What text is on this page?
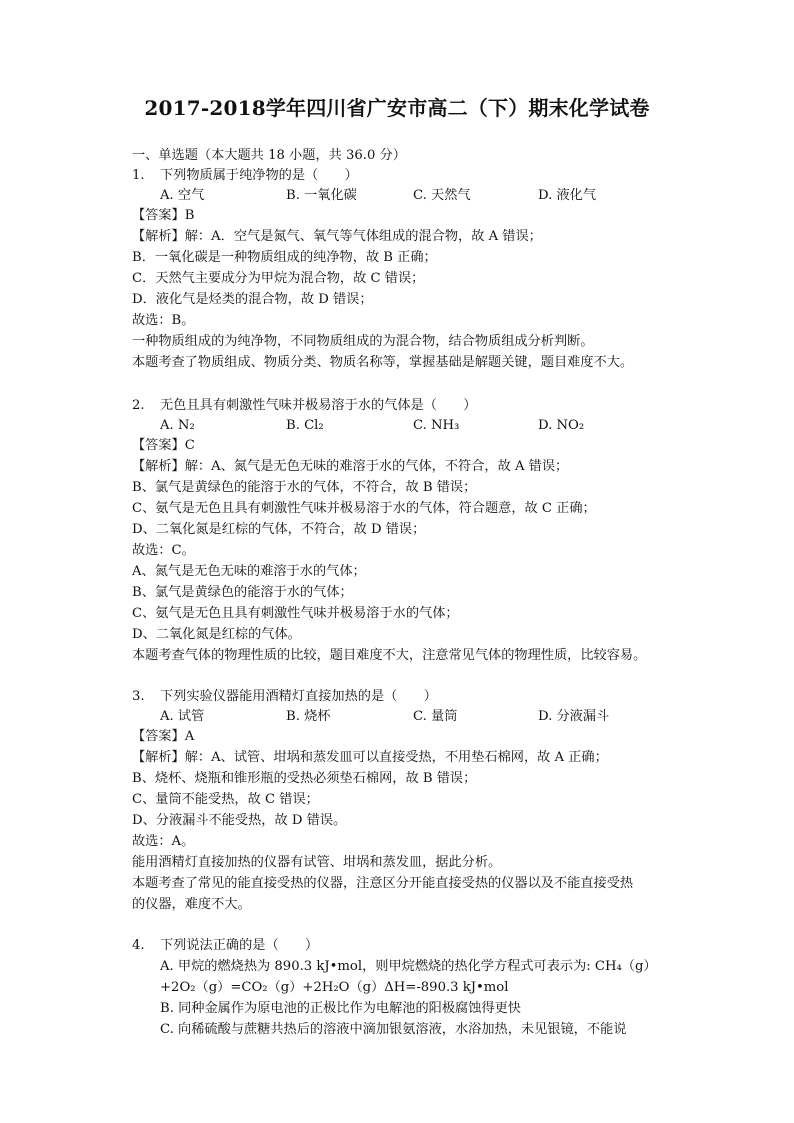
2017-2018学年四川省广安市高二（下）期末化学试卷
一、单选题（本大题共 18 小题，共 36.0 分）
1. 下列物质属于纯净物的是（　　）
A. 空气	B. 一氧化碳	C. 天然气	D. 液化气
【答案】B
【解析】解：A．空气是氮气、氧气等气体组成的混合物，故 A 错误；
B．一氧化碳是一种物质组成的纯净物，故 B 正确；
C．天然气主要成分为甲烷为混合物，故 C 错误；
D．液化气是烃类的混合物，故 D 错误；
故选：B。
一种物质组成的为纯净物，不同物质组成的为混合物，结合物质组成分析判断。
本题考查了物质组成、物质分类、物质名称等，掌握基础是解题关键，题目难度不大。
2. 无色且具有刺激性气味并极易溶于水的气体是（　　）
A. N₂	B. Cl₂	C. NH₃	D. NO₂
【答案】C
【解析】解：A、氮气是无色无味的难溶于水的气体，不符合，故 A 错误；
B、氯气是黄绿色的能溶于水的气体，不符合，故 B 错误；
C、氨气是无色且具有刺激性气味并极易溶于水的气体，符合题意，故 C 正确；
D、二氧化氮是红棕的气体，不符合，故 D 错误；
故选：C。
A、氮气是无色无味的难溶于水的气体；
B、氯气是黄绿色的能溶于水的气体；
C、氨气是无色且具有刺激性气味并极易溶于水的气体；
D、二氧化氮是红棕的气体。
本题考查气体的物理性质的比较，题目难度不大，注意常见气体的物理性质，比较容易。
3. 下列实验仪器能用酒精灯直接加热的是（　　）
A. 试管	B. 烧杯	C. 量筒	D. 分液漏斗
【答案】A
【解析】解：A、试管、坩埚和蒸发皿可以直接受热，不用垫石棉网，故 A 正确；
B、烧杯、烧瓶和锥形瓶的受热必须垫石棉网，故 B 错误；
C、量筒不能受热，故 C 错误；
D、分液漏斗不能受热，故 D 错误。
故选：A。
能用酒精灯直接加热的仪器有试管、坩埚和蒸发皿，据此分析。
本题考查了常见的能直接受热的仪器，注意区分开能直接受热的仪器以及不能直接受热
的仪器，难度不大。
4. 下列说法正确的是（　　）
A. 甲烷的燃烧热为 890.3 kJ•mol，则甲烷燃烧的热化学方程式可表示为: CH₄（g）
+2O₂（g）=CO₂（g）+2H₂O（g）ΔH=-890.3 kJ•mol
B. 同种金属作为原电池的正极比作为电解池的阳极腐蚀得更快
C. 向稀硫酸与蔗糖共热后的溶液中滴加银氨溶液，水浴加热，未见银镜，不能说
